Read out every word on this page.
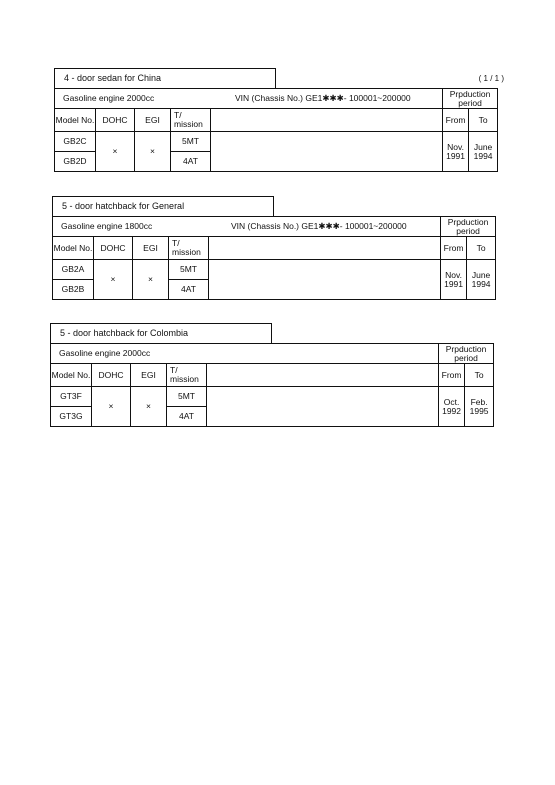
( 1 / 1 )
4 - door sedan for China
Gasoline engine 2000cc VIN (Chassis No.) GE1✱✱✱- 100001~200000					Prpduction period	
Model No.	DOHC	EGI	T/ mission		From	To
GB2C	×	×	5MT		Nov. 1991	June 1994
GB2D			4AT			
5 - door hatchback for General
Gasoline engine 1800cc VIN (Chassis No.) GE1✱✱✱- 100001~200000					Prpduction period	
Model No.	DOHC	EGI	T/ mission		From	To
GB2A	×	×	5MT		Nov. 1991	June 1994
GB2B			4AT			
5 - door hatchback for Colombia
Gasoline engine 2000cc					Prpduction period	
Model No.	DOHC	EGI	T/ mission		From	To
GT3F	×	×	5MT		Oct. 1992	Feb. 1995
GT3G			4AT			
